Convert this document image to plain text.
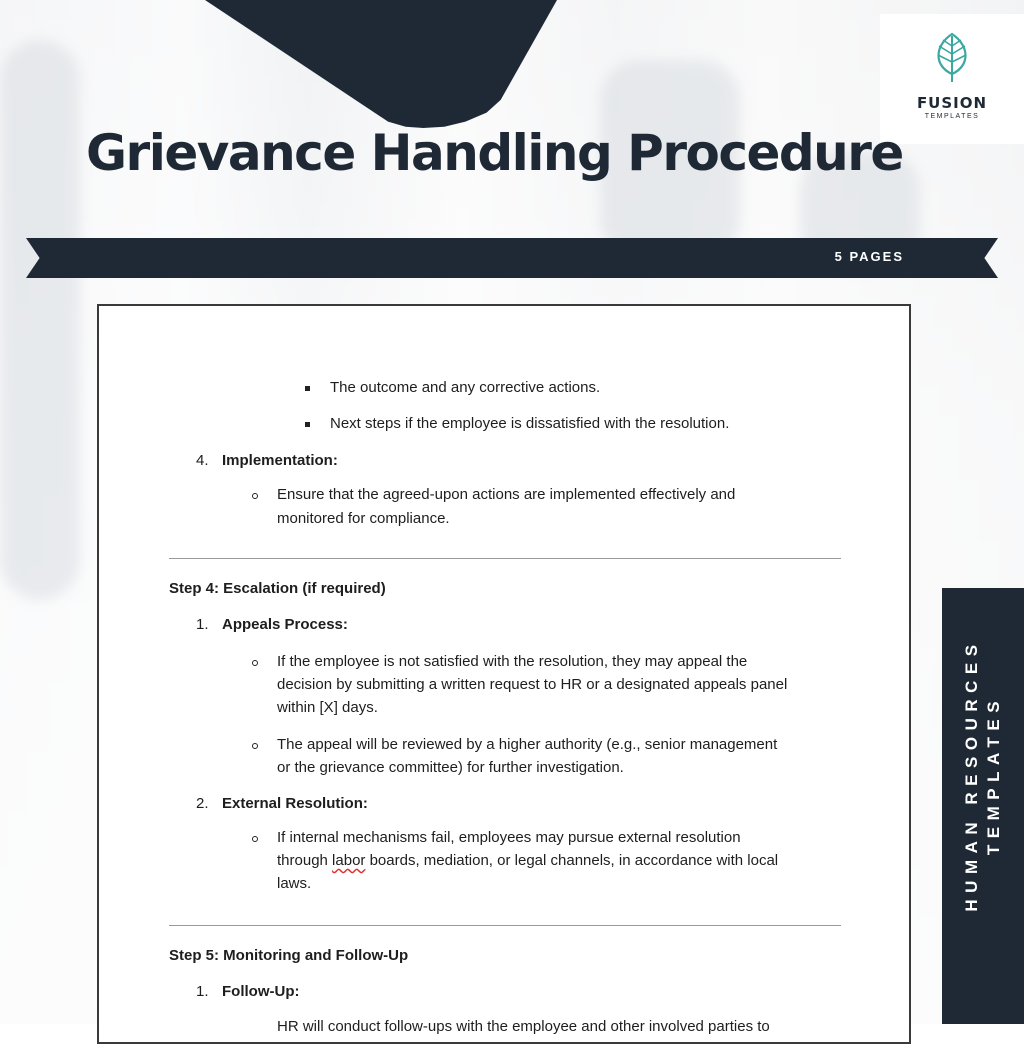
FUSION
TEMPLATES
Grievance Handling Procedure
5 PAGES
HUMAN RESOURCES TEMPLATES
The outcome and any corrective actions.
Next steps if the employee is dissatisfied with the resolution.
4. Implementation:
Ensure that the agreed-upon actions are implemented effectively and
monitored for compliance.
Step 4: Escalation (if required)
1. Appeals Process:
If the employee is not satisfied with the resolution, they may appeal the
decision by submitting a written request to HR or a designated appeals panel
within [X] days.
The appeal will be reviewed by a higher authority (e.g., senior management
or the grievance committee) for further investigation.
2. External Resolution:
If internal mechanisms fail, employees may pursue external resolution
through labor boards, mediation, or legal channels, in accordance with local
laws.
Step 5: Monitoring and Follow-Up
1. Follow-Up:
HR will conduct follow-ups with the employee and other involved parties to
